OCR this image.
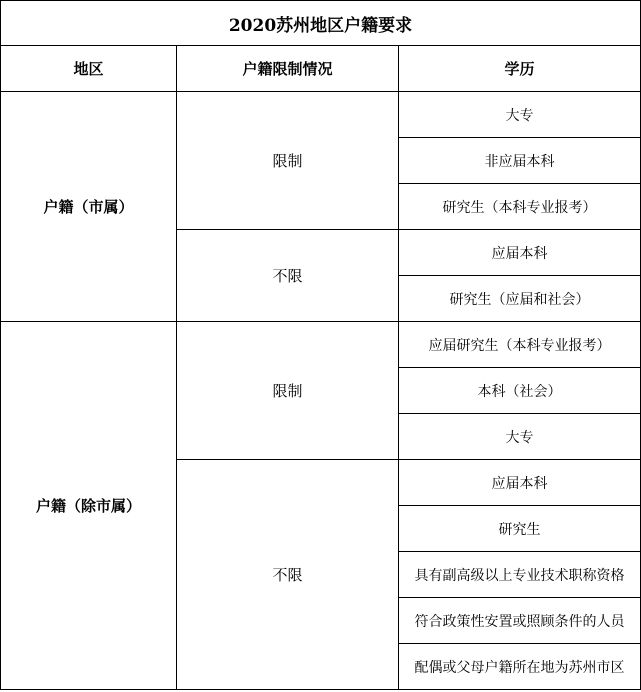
2020苏州地区户籍要求		
地区	户籍限制情况	学历
户籍（市属）	限制	大专
		非应届本科
		研究生（本科专业报考）
	不限	应届本科
		研究生（应届和社会）
户籍（除市属）	限制	应届研究生（本科专业报考）
		本科（社会）
		大专
	不限	应届本科
		研究生
		具有副高级以上专业技术职称资格
		符合政策性安置或照顾条件的人员
		配偶或父母户籍所在地为苏州市区
